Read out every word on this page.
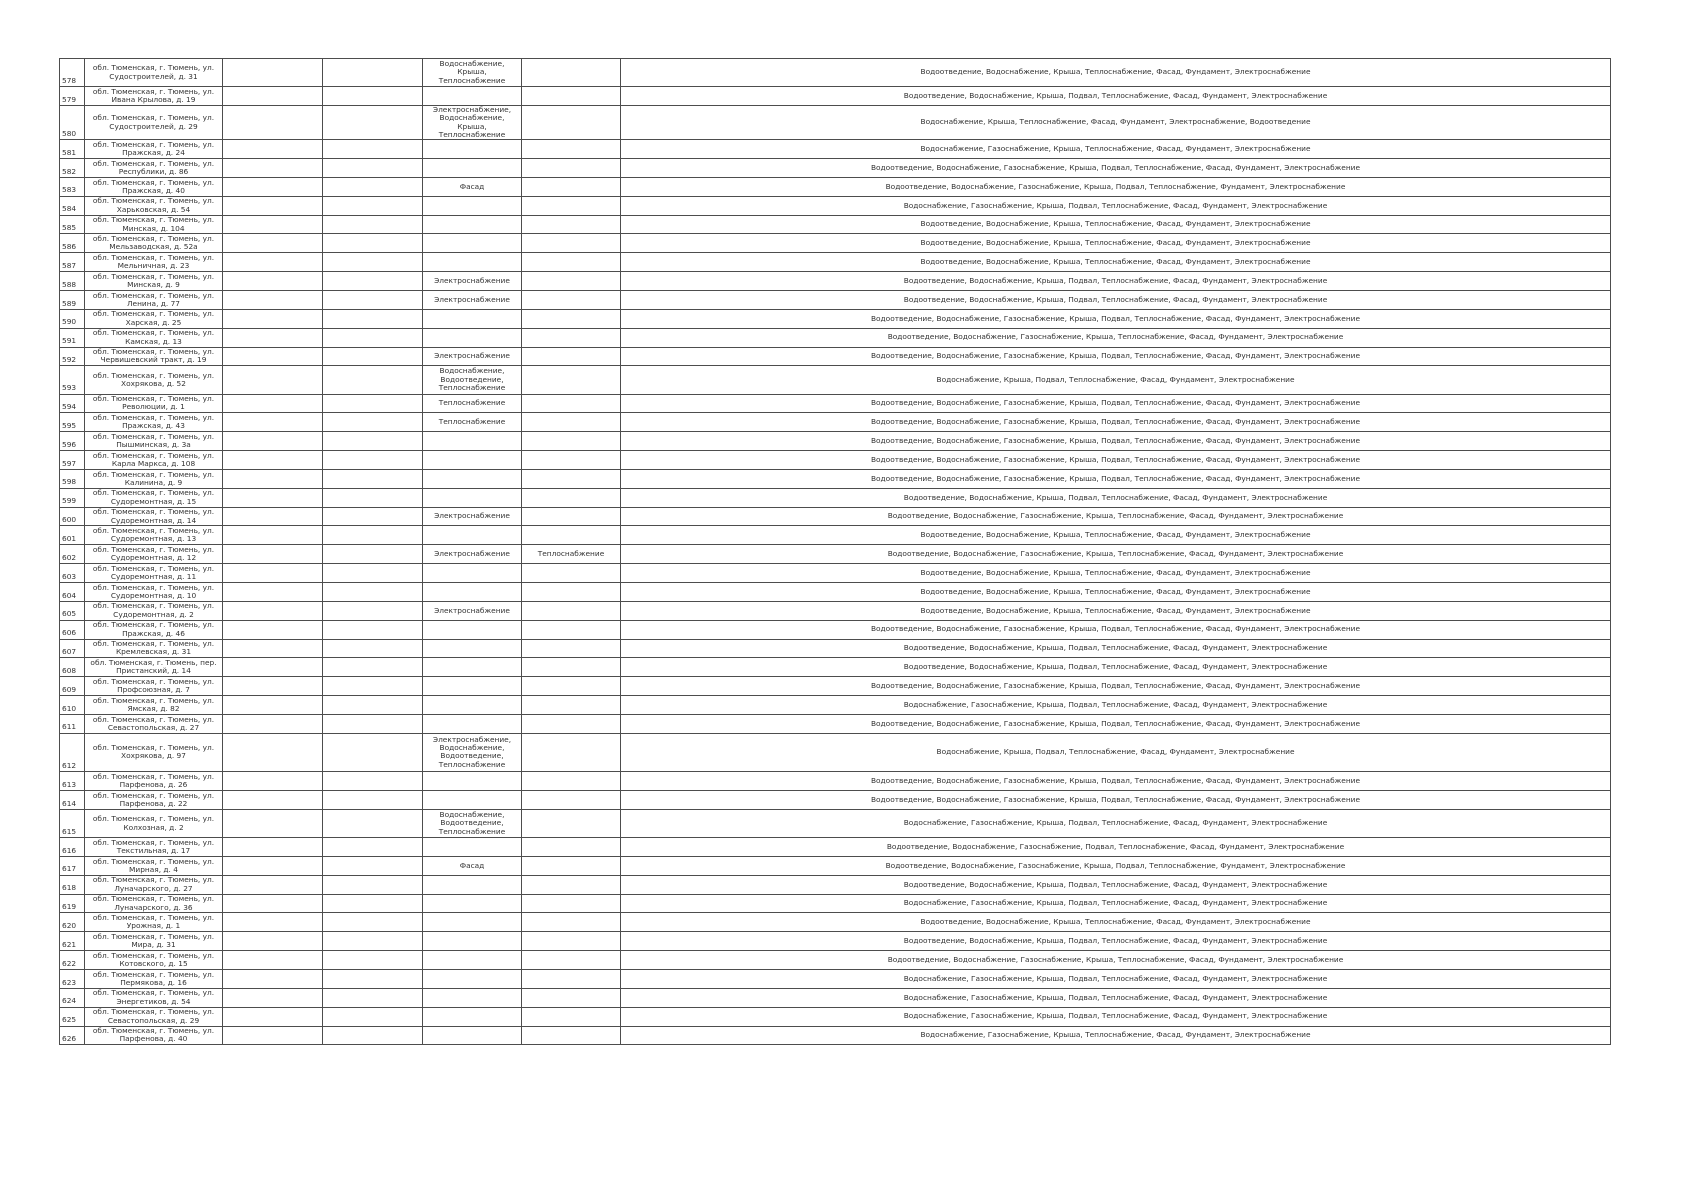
578	обл. Тюменская, г. Тюмень, ул. Судостроителей, д. 31			Водоснабжение, Крыша, Теплоснабжение		Водоотведение, Водоснабжение, Крыша, Теплоснабжение, Фасад, Фундамент, Электроснабжение
579	обл. Тюменская, г. Тюмень, ул. Ивана Крылова, д. 19					Водоотведение, Водоснабжение, Крыша, Подвал, Теплоснабжение, Фасад, Фундамент, Электроснабжение
580	обл. Тюменская, г. Тюмень, ул. Судостроителей, д. 29			Электроснабжение, Водоснабжение, Крыша, Теплоснабжение		Водоснабжение, Крыша, Теплоснабжение, Фасад, Фундамент, Электроснабжение, Водоотведение
581	обл. Тюменская, г. Тюмень, ул. Пражская, д. 24					Водоснабжение, Газоснабжение, Крыша, Теплоснабжение, Фасад, Фундамент, Электроснабжение
582	обл. Тюменская, г. Тюмень, ул. Республики, д. 86					Водоотведение, Водоснабжение, Газоснабжение, Крыша, Подвал, Теплоснабжение, Фасад, Фундамент, Электроснабжение
583	обл. Тюменская, г. Тюмень, ул. Пражская, д. 40			Фасад		Водоотведение, Водоснабжение, Газоснабжение, Крыша, Подвал, Теплоснабжение, Фундамент, Электроснабжение
584	обл. Тюменская, г. Тюмень, ул. Харьковская, д. 54					Водоснабжение, Газоснабжение, Крыша, Подвал, Теплоснабжение, Фасад, Фундамент, Электроснабжение
585	обл. Тюменская, г. Тюмень, ул. Минская, д. 104					Водоотведение, Водоснабжение, Крыша, Теплоснабжение, Фасад, Фундамент, Электроснабжение
586	обл. Тюменская, г. Тюмень, ул. Мельзаводская, д. 52а					Водоотведение, Водоснабжение, Крыша, Теплоснабжение, Фасад, Фундамент, Электроснабжение
587	обл. Тюменская, г. Тюмень, ул. Мельничная, д. 23					Водоотведение, Водоснабжение, Крыша, Теплоснабжение, Фасад, Фундамент, Электроснабжение
588	обл. Тюменская, г. Тюмень, ул. Минская, д. 9			Электроснабжение		Водоотведение, Водоснабжение, Крыша, Подвал, Теплоснабжение, Фасад, Фундамент, Электроснабжение
589	обл. Тюменская, г. Тюмень, ул. Ленина, д. 77			Электроснабжение		Водоотведение, Водоснабжение, Крыша, Подвал, Теплоснабжение, Фасад, Фундамент, Электроснабжение
590	обл. Тюменская, г. Тюмень, ул. Харская, д. 25					Водоотведение, Водоснабжение, Газоснабжение, Крыша, Подвал, Теплоснабжение, Фасад, Фундамент, Электроснабжение
591	обл. Тюменская, г. Тюмень, ул. Камская, д. 13					Водоотведение, Водоснабжение, Газоснабжение, Крыша, Теплоснабжение, Фасад, Фундамент, Электроснабжение
592	обл. Тюменская, г. Тюмень, ул. Червишевский тракт, д. 19			Электроснабжение		Водоотведение, Водоснабжение, Газоснабжение, Крыша, Подвал, Теплоснабжение, Фасад, Фундамент, Электроснабжение
593	обл. Тюменская, г. Тюмень, ул. Хохрякова, д. 52			Водоснабжение, Водоотведение, Теплоснабжение		Водоснабжение, Крыша, Подвал, Теплоснабжение, Фасад, Фундамент, Электроснабжение
594	обл. Тюменская, г. Тюмень, ул. Революции, д. 1			Теплоснабжение		Водоотведение, Водоснабжение, Газоснабжение, Крыша, Подвал, Теплоснабжение, Фасад, Фундамент, Электроснабжение
595	обл. Тюменская, г. Тюмень, ул. Пражская, д. 43			Теплоснабжение		Водоотведение, Водоснабжение, Газоснабжение, Крыша, Подвал, Теплоснабжение, Фасад, Фундамент, Электроснабжение
596	обл. Тюменская, г. Тюмень, ул. Пышминская, д. 3а					Водоотведение, Водоснабжение, Газоснабжение, Крыша, Подвал, Теплоснабжение, Фасад, Фундамент, Электроснабжение
597	обл. Тюменская, г. Тюмень, ул. Карла Маркса, д. 108					Водоотведение, Водоснабжение, Газоснабжение, Крыша, Подвал, Теплоснабжение, Фасад, Фундамент, Электроснабжение
598	обл. Тюменская, г. Тюмень, ул. Калинина, д. 9					Водоотведение, Водоснабжение, Газоснабжение, Крыша, Подвал, Теплоснабжение, Фасад, Фундамент, Электроснабжение
599	обл. Тюменская, г. Тюмень, ул. Судоремонтная, д. 15					Водоотведение, Водоснабжение, Крыша, Подвал, Теплоснабжение, Фасад, Фундамент, Электроснабжение
600	обл. Тюменская, г. Тюмень, ул. Судоремонтная, д. 14			Электроснабжение		Водоотведение, Водоснабжение, Газоснабжение, Крыша, Теплоснабжение, Фасад, Фундамент, Электроснабжение
601	обл. Тюменская, г. Тюмень, ул. Судоремонтная, д. 13					Водоотведение, Водоснабжение, Крыша, Теплоснабжение, Фасад, Фундамент, Электроснабжение
602	обл. Тюменская, г. Тюмень, ул. Судоремонтная, д. 12			Электроснабжение	Теплоснабжение	Водоотведение, Водоснабжение, Газоснабжение, Крыша, Теплоснабжение, Фасад, Фундамент, Электроснабжение
603	обл. Тюменская, г. Тюмень, ул. Судоремонтная, д. 11					Водоотведение, Водоснабжение, Крыша, Теплоснабжение, Фасад, Фундамент, Электроснабжение
604	обл. Тюменская, г. Тюмень, ул. Судоремонтная, д. 10					Водоотведение, Водоснабжение, Крыша, Теплоснабжение, Фасад, Фундамент, Электроснабжение
605	обл. Тюменская, г. Тюмень, ул. Судоремонтная, д. 2			Электроснабжение		Водоотведение, Водоснабжение, Крыша, Теплоснабжение, Фасад, Фундамент, Электроснабжение
606	обл. Тюменская, г. Тюмень, ул. Пражская, д. 46					Водоотведение, Водоснабжение, Газоснабжение, Крыша, Подвал, Теплоснабжение, Фасад, Фундамент, Электроснабжение
607	обл. Тюменская, г. Тюмень, ул. Кремлевская, д. 31					Водоотведение, Водоснабжение, Крыша, Подвал, Теплоснабжение, Фасад, Фундамент, Электроснабжение
608	обл. Тюменская, г. Тюмень, пер. Пристанский, д. 14					Водоотведение, Водоснабжение, Крыша, Подвал, Теплоснабжение, Фасад, Фундамент, Электроснабжение
609	обл. Тюменская, г. Тюмень, ул. Профсоюзная, д. 7					Водоотведение, Водоснабжение, Газоснабжение, Крыша, Подвал, Теплоснабжение, Фасад, Фундамент, Электроснабжение
610	обл. Тюменская, г. Тюмень, ул. Ямская, д. 82					Водоснабжение, Газоснабжение, Крыша, Подвал, Теплоснабжение, Фасад, Фундамент, Электроснабжение
611	обл. Тюменская, г. Тюмень, ул. Севастопольская, д. 27					Водоотведение, Водоснабжение, Газоснабжение, Крыша, Подвал, Теплоснабжение, Фасад, Фундамент, Электроснабжение
612	обл. Тюменская, г. Тюмень, ул. Хохрякова, д. 97			Электроснабжение, Водоснабжение, Водоотведение, Теплоснабжение		Водоснабжение, Крыша, Подвал, Теплоснабжение, Фасад, Фундамент, Электроснабжение
613	обл. Тюменская, г. Тюмень, ул. Парфенова, д. 26					Водоотведение, Водоснабжение, Газоснабжение, Крыша, Подвал, Теплоснабжение, Фасад, Фундамент, Электроснабжение
614	обл. Тюменская, г. Тюмень, ул. Парфенова, д. 22					Водоотведение, Водоснабжение, Газоснабжение, Крыша, Подвал, Теплоснабжение, Фасад, Фундамент, Электроснабжение
615	обл. Тюменская, г. Тюмень, ул. Колхозная, д. 2			Водоснабжение, Водоотведение, Теплоснабжение		Водоснабжение, Газоснабжение, Крыша, Подвал, Теплоснабжение, Фасад, Фундамент, Электроснабжение
616	обл. Тюменская, г. Тюмень, ул. Текстильная, д. 17					Водоотведение, Водоснабжение, Газоснабжение, Подвал, Теплоснабжение, Фасад, Фундамент, Электроснабжение
617	обл. Тюменская, г. Тюмень, ул. Мирная, д. 4			Фасад		Водоотведение, Водоснабжение, Газоснабжение, Крыша, Подвал, Теплоснабжение, Фундамент, Электроснабжение
618	обл. Тюменская, г. Тюмень, ул. Луначарского, д. 27					Водоотведение, Водоснабжение, Крыша, Подвал, Теплоснабжение, Фасад, Фундамент, Электроснабжение
619	обл. Тюменская, г. Тюмень, ул. Луначарского, д. 36					Водоснабжение, Газоснабжение, Крыша, Подвал, Теплоснабжение, Фасад, Фундамент, Электроснабжение
620	обл. Тюменская, г. Тюмень, ул. Урожная, д. 1					Водоотведение, Водоснабжение, Крыша, Теплоснабжение, Фасад, Фундамент, Электроснабжение
621	обл. Тюменская, г. Тюмень, ул. Мира, д. 31					Водоотведение, Водоснабжение, Крыша, Подвал, Теплоснабжение, Фасад, Фундамент, Электроснабжение
622	обл. Тюменская, г. Тюмень, ул. Котовского, д. 15					Водоотведение, Водоснабжение, Газоснабжение, Крыша, Теплоснабжение, Фасад, Фундамент, Электроснабжение
623	обл. Тюменская, г. Тюмень, ул. Пермякова, д. 16					Водоснабжение, Газоснабжение, Крыша, Подвал, Теплоснабжение, Фасад, Фундамент, Электроснабжение
624	обл. Тюменская, г. Тюмень, ул. Энергетиков, д. 54					Водоснабжение, Газоснабжение, Крыша, Подвал, Теплоснабжение, Фасад, Фундамент, Электроснабжение
625	обл. Тюменская, г. Тюмень, ул. Севастопольская, д. 29					Водоснабжение, Газоснабжение, Крыша, Подвал, Теплоснабжение, Фасад, Фундамент, Электроснабжение
626	обл. Тюменская, г. Тюмень, ул. Парфенова, д. 40					Водоснабжение, Газоснабжение, Крыша, Теплоснабжение, Фасад, Фундамент, Электроснабжение
